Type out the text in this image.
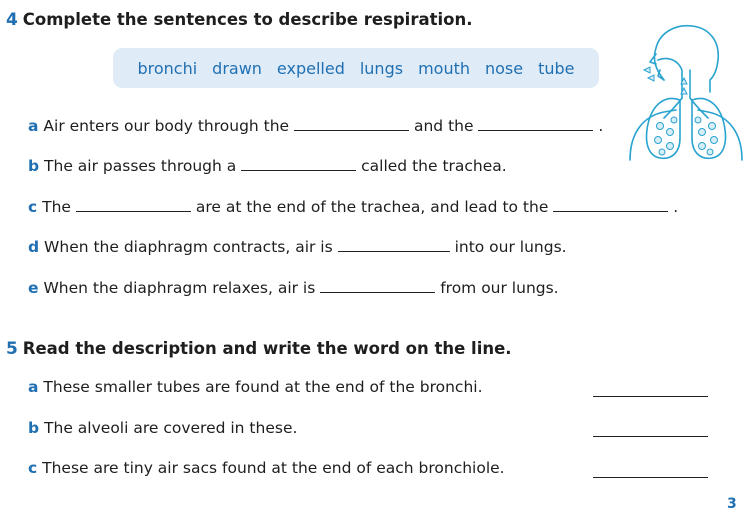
4 Complete the sentences to describe respiration.
bronchi drawn expelled lungs mouth nose tube
a Air enters our body through the	and the	.
b The air passes through a	called the trachea.
c The	are at the end of the trachea, and lead to the	.
d When the diaphragm contracts, air is	into our lungs.
e When the diaphragm relaxes, air is	from our lungs.
5 Read the description and write the word on the line.
a These smaller tubes are found at the end of the bronchi.
b The alveoli are covered in these.
c These are tiny air sacs found at the end of each bronchiole.
3
